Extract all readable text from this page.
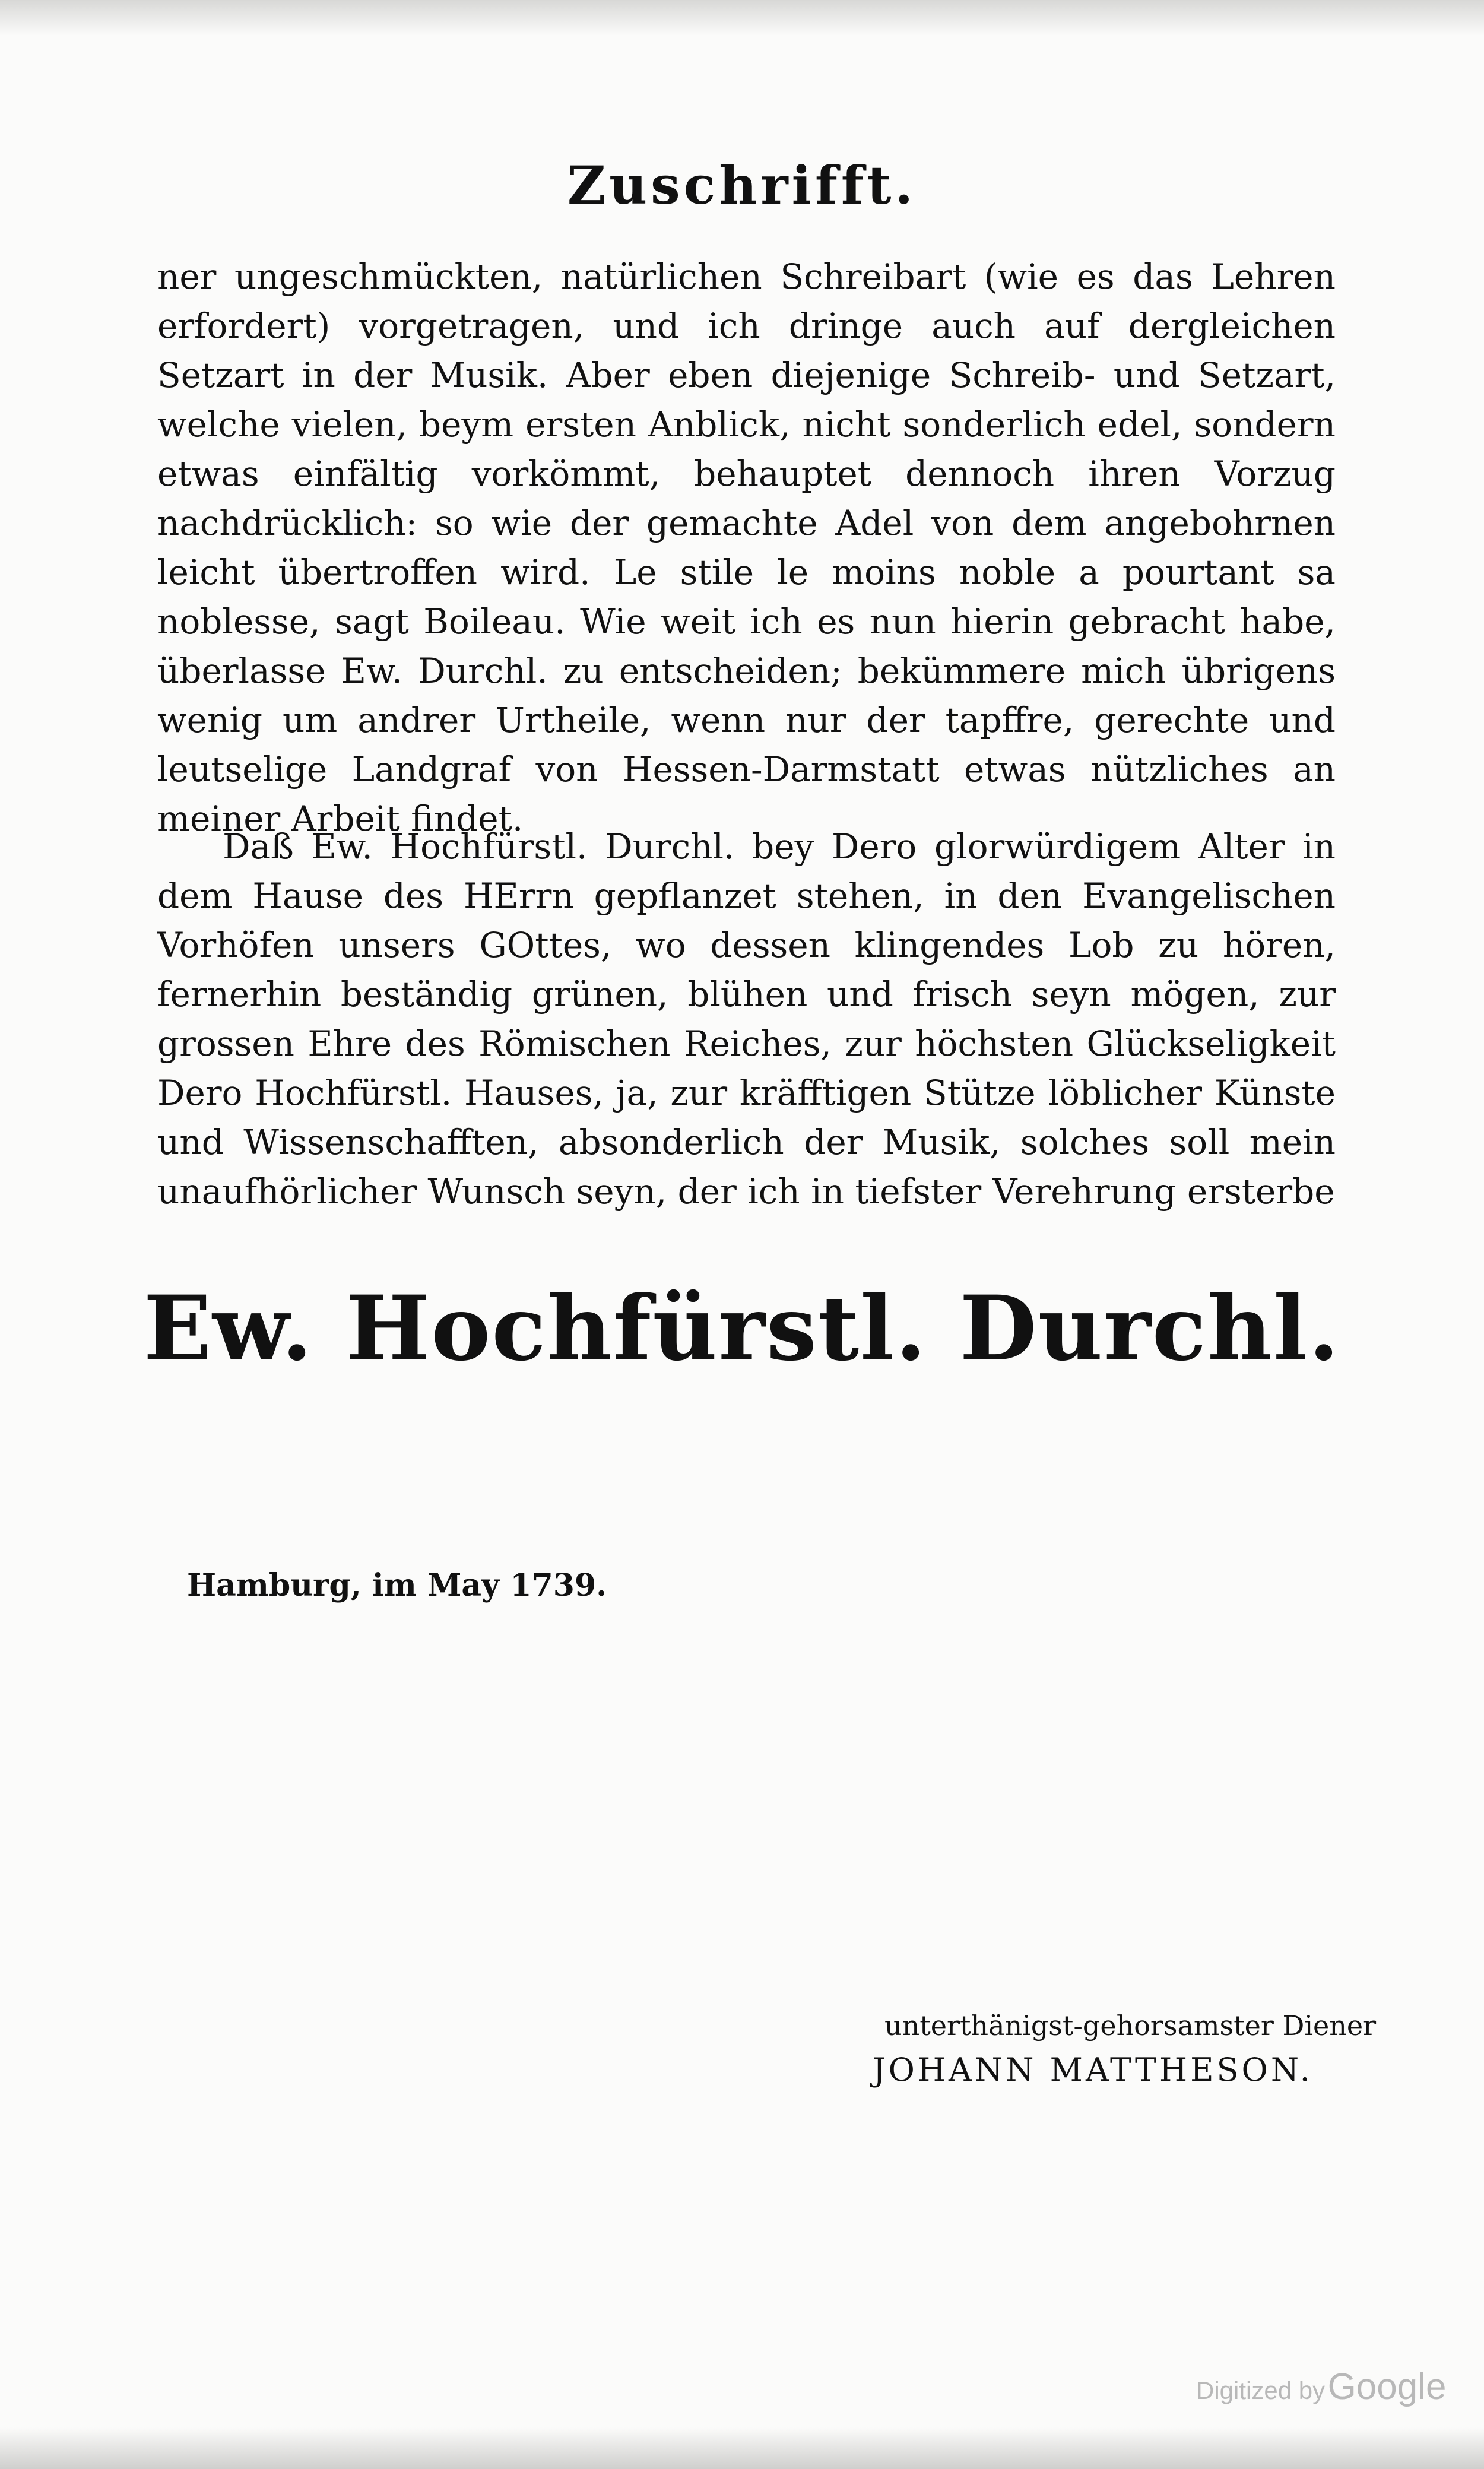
Zuschrifft.

ner ungeschmückten, natürlichen Schreibart (wie es das Lehren erfordert) vorgetragen, und ich dringe auch auf dergleichen Setzart in der Musik. Aber eben diejenige Schreib- und Setzart, welche vielen, beym ersten Anblick, nicht sonderlich edel, sondern etwas einfältig vorkömmt, behauptet dennoch ihren Vorzug nachdrücklich: so wie der gemachte Adel von dem angebohrnen leicht übertroffen wird. Le stile le moins noble a pourtant sa noblesse, sagt Boileau. Wie weit ich es nun hierin gebracht habe, überlasse Ew. Durchl. zu entscheiden; bekümmere mich übrigens wenig um andrer Urtheile, wenn nur der tapffre, gerechte und leutselige Landgraf von Hessen-Darmstatt etwas nützliches an meiner Arbeit findet.

Daß Ew. Hochfürstl. Durchl. bey Dero glorwürdigem Alter in dem Hause des HErrn gepflanzet stehen, in den Evangelischen Vorhöfen unsers GOttes, wo dessen klingendes Lob zu hören, fernerhin beständig grünen, blühen und frisch seyn mögen, zur grossen Ehre des Römischen Reiches, zur höchsten Glückseligkeit Dero Hochfürstl. Hauses, ja, zur kräfftigen Stütze löblicher Künste und Wissenschafften, absonderlich der Musik, solches soll mein unaufhörlicher Wunsch seyn, der ich in tiefster Verehrung ersterbe

Ew. Hochfürstl. Durchl.
Hamburg, im May 1739.
unterthänigst-gehorsamster Diener
JOHANN MATTHESON.
Digitized by Google
